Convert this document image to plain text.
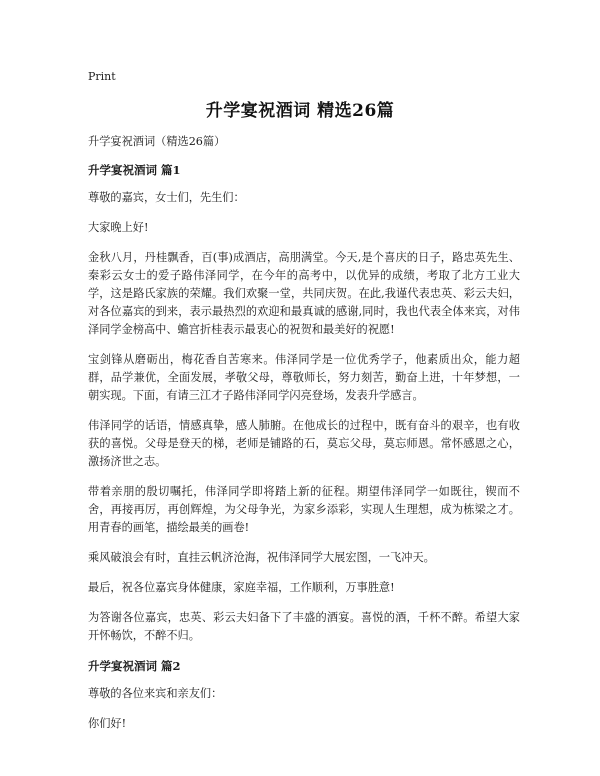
Print
升学宴祝酒词 精选26篇

升学宴祝酒词（精选26篇）

升学宴祝酒词 篇1

尊敬的嘉宾，女士们，先生们：

大家晚上好!

金秋八月，丹桂飘香，百(事)成酒店，高朋满堂。今天,是个喜庆的日子，路忠英先生、秦彩云女士的爱子路伟泽同学，在今年的高考中，以优异的成绩，考取了北方工业大学，这是路氏家族的荣耀。我们欢聚一堂，共同庆贺。在此,我谨代表忠英、彩云夫妇，对各位嘉宾的到来，表示最热烈的欢迎和最真诚的感谢,同时，我也代表全体来宾，对伟泽同学金榜高中、蟾宫折桂表示最衷心的祝贺和最美好的祝愿!

宝剑锋从磨砺出，梅花香自苦寒来。伟泽同学是一位优秀学子，他素质出众，能力超群，品学兼优，全面发展，孝敬父母，尊敬师长，努力刻苦，勤奋上进，十年梦想，一朝实现。下面，有请三江才子路伟泽同学闪亮登场，发表升学感言。

伟泽同学的话语，情感真挚，感人肺腑。在他成长的过程中，既有奋斗的艰辛，也有收获的喜悦。父母是登天的梯，老师是铺路的石，莫忘父母，莫忘师恩。常怀感恩之心，激扬济世之志。

带着亲朋的殷切嘱托，伟泽同学即将踏上新的征程。期望伟泽同学一如既往，锲而不舍，再接再厉，再创辉煌，为父母争光，为家乡添彩，实现人生理想，成为栋梁之才。用青春的画笔，描绘最美的画卷!

乘风破浪会有时，直挂云帆济沧海，祝伟泽同学大展宏图，一飞冲天。

最后，祝各位嘉宾身体健康，家庭幸福，工作顺利，万事胜意!

为答谢各位嘉宾，忠英、彩云夫妇备下了丰盛的酒宴。喜悦的酒，千杯不醉。希望大家开怀畅饮，不醉不归。

升学宴祝酒词 篇2

尊敬的各位来宾和亲友们：

你们好!
